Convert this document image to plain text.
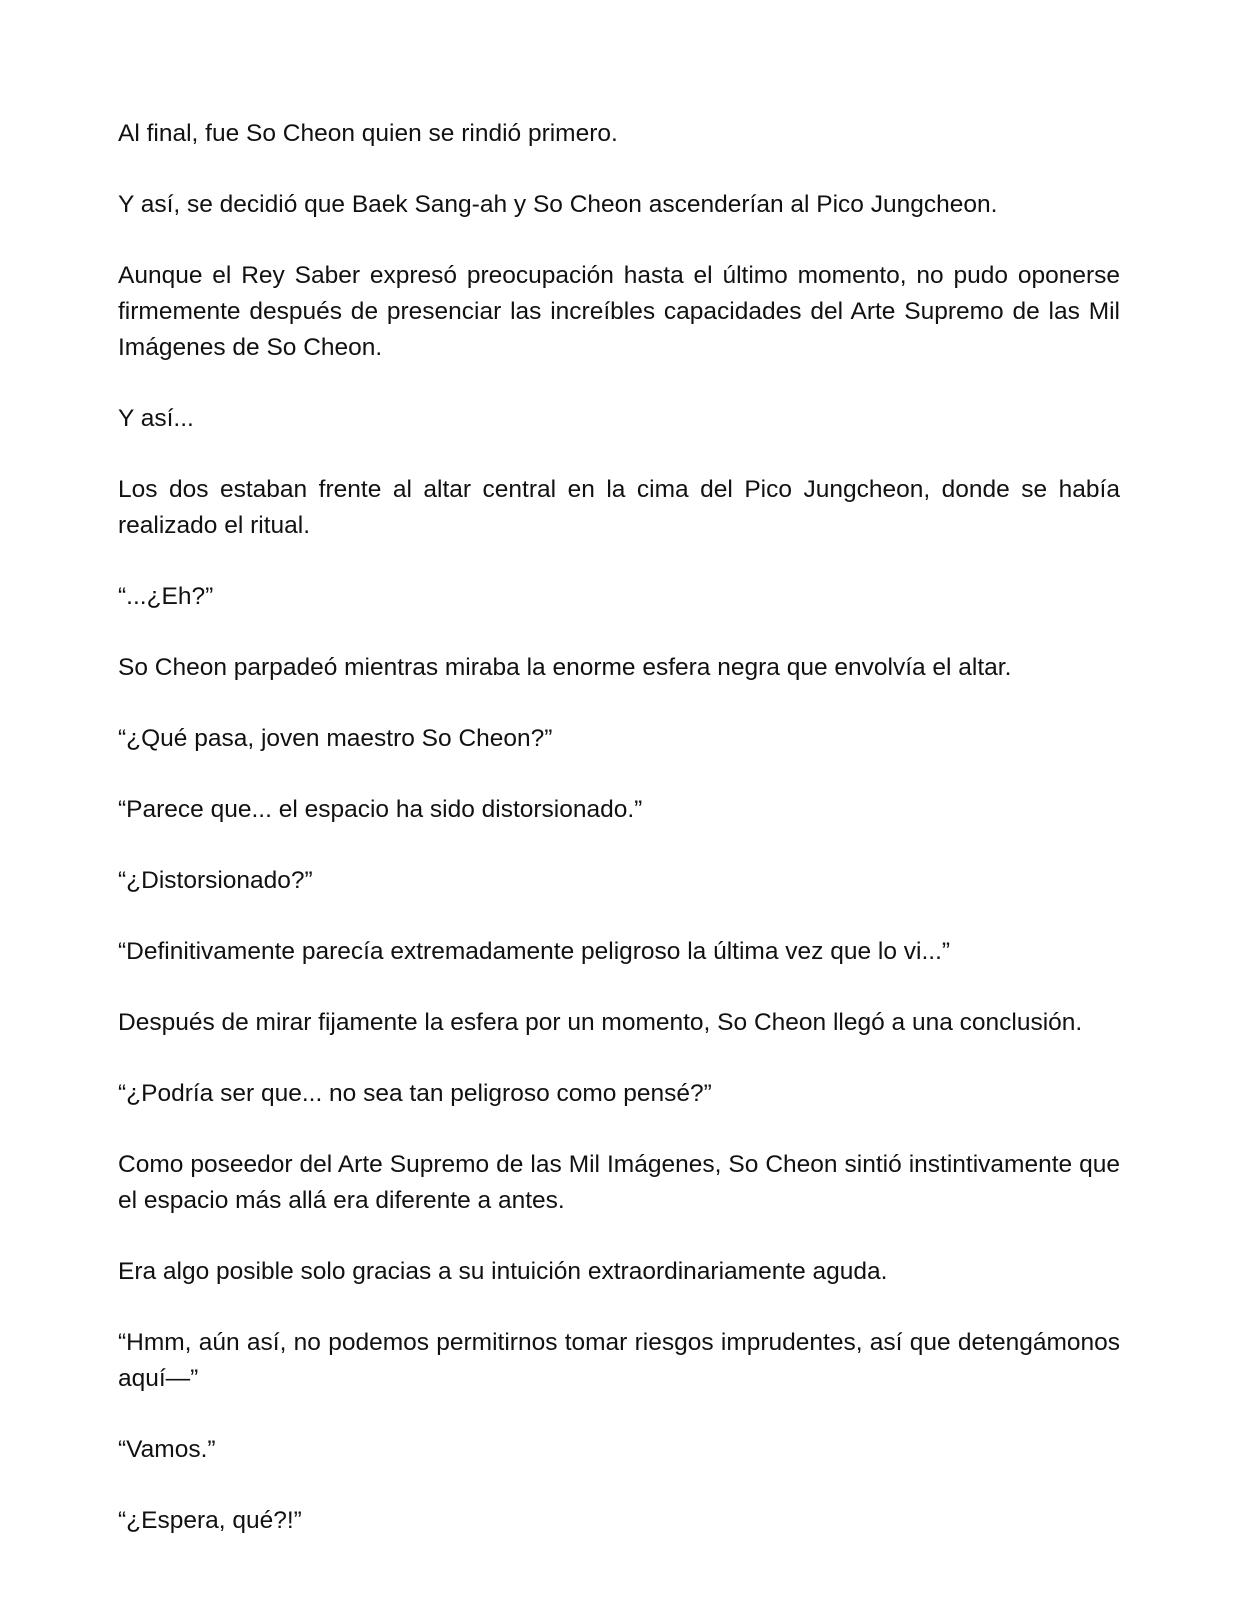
Al final, fue So Cheon quien se rindió primero.

Y así, se decidió que Baek Sang-ah y So Cheon ascenderían al Pico Jungcheon.

Aunque el Rey Saber expresó preocupación hasta el último momento, no pudo oponerse firmemente después de presenciar las increíbles capacidades del Arte Supremo de las Mil Imágenes de So Cheon.

Y así...

Los dos estaban frente al altar central en la cima del Pico Jungcheon, donde se había realizado el ritual.

“...¿Eh?”

So Cheon parpadeó mientras miraba la enorme esfera negra que envolvía el altar.

“¿Qué pasa, joven maestro So Cheon?”

“Parece que... el espacio ha sido distorsionado.”

“¿Distorsionado?”

“Definitivamente parecía extremadamente peligroso la última vez que lo vi...”

Después de mirar fijamente la esfera por un momento, So Cheon llegó a una conclusión.

“¿Podría ser que... no sea tan peligroso como pensé?”

Como poseedor del Arte Supremo de las Mil Imágenes, So Cheon sintió instintivamente que el espacio más allá era diferente a antes.

Era algo posible solo gracias a su intuición extraordinariamente aguda.

“Hmm, aún así, no podemos permitirnos tomar riesgos imprudentes, así que detengámonos aquí—”

“Vamos.”

“¿Espera, qué?!”
